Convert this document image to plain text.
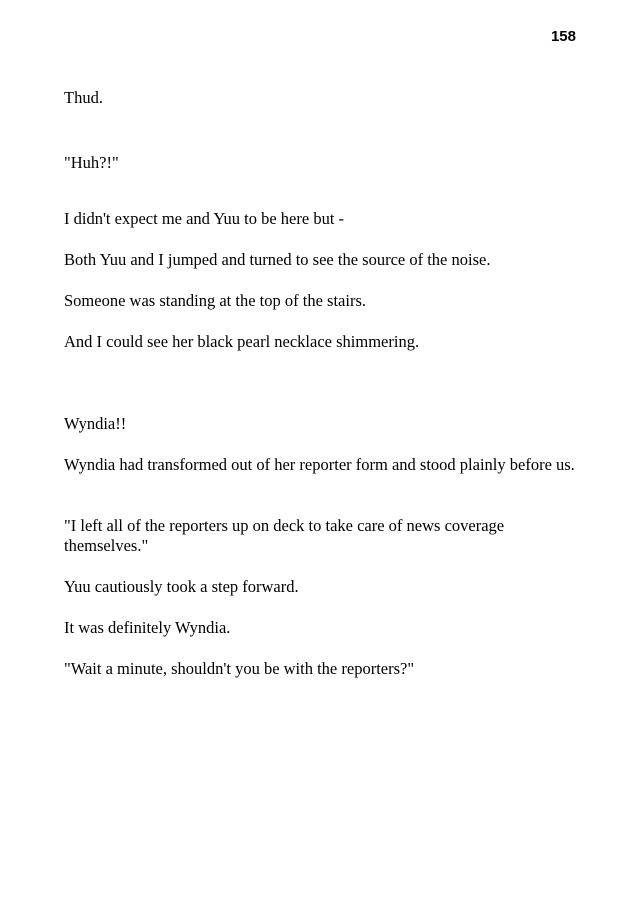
158

Thud.

"Huh?!"

I didn't expect me and Yuu to be here but -

Both Yuu and I jumped and turned to see the source of the noise.

Someone was standing at the top of the stairs.

And I could see her black pearl necklace shimmering.

Wyndia!!

Wyndia had transformed out of her reporter form and stood plainly before us.

"I left all of the reporters up on deck to take care of news coverage themselves."

Yuu cautiously took a step forward.

It was definitely Wyndia.

"Wait a minute, shouldn't you be with the reporters?"
